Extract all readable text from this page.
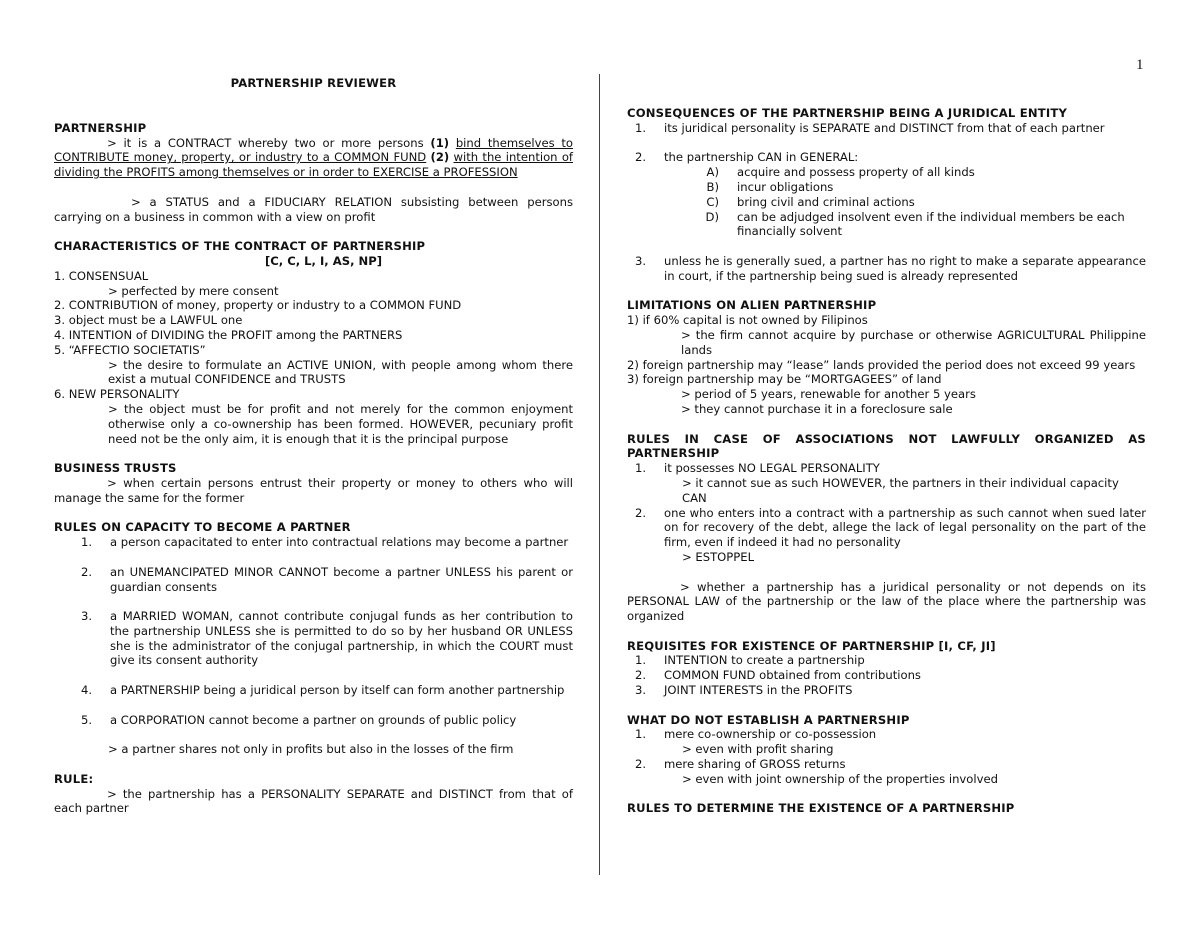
1
PARTNERSHIP REVIEWER
PARTNERSHIP

> it is a CONTRACT whereby two or more persons (1) bind themselves to CONTRIBUTE money, property, or industry to a COMMON FUND (2) with the intention of dividing the PROFITS among themselves or in order to EXERCISE a PROFESSION

> a STATUS and a FIDUCIARY RELATION subsisting between persons carrying on a business in common with a view on profit

CHARACTERISTICS OF THE CONTRACT OF PARTNERSHIP

[C, C, L, I, AS, NP]

1. CONSENSUAL

> perfected by mere consent

2. CONTRIBUTION of money, property or industry to a COMMON FUND

3. object must be a LAWFUL one

4. INTENTION of DIVIDING the PROFIT among the PARTNERS

5. “AFFECTIO SOCIETATIS”

> the desire to formulate an ACTIVE UNION, with people among whom there exist a mutual CONFIDENCE and TRUSTS

6. NEW PERSONALITY

> the object must be for profit and not merely for the common enjoyment otherwise only a co-ownership has been formed. HOWEVER, pecuniary profit need not be the only aim, it is enough that it is the principal purpose

BUSINESS TRUSTS

> when certain persons entrust their property or money to others who will manage the same for the former

RULES ON CAPACITY TO BECOME A PARTNER
1.	a person capacitated to enter into contractual relations may become a partner
2.	an UNEMANCIPATED MINOR CANNOT become a partner UNLESS his parent or guardian consents
3.	a MARRIED WOMAN, cannot contribute conjugal funds as her contribution to the partnership UNLESS she is permitted to do so by her husband OR UNLESS she is the administrator of the conjugal partnership, in which the COURT must give its consent authority
4.	a PARTNERSHIP being a juridical person by itself can form another partnership
5.	a CORPORATION cannot become a partner on grounds of public policy

> a partner shares not only in profits but also in the losses of the firm

RULE:

> the partnership has a PERSONALITY SEPARATE and DISTINCT from that of each partner

CONSEQUENCES OF THE PARTNERSHIP BEING A JURIDICAL ENTITY
1.	its juridical personality is SEPARATE and DISTINCT from that of each partner
2.	the partnership CAN in GENERAL:
A)	acquire and possess property of all kinds
B)	incur obligations
C)	bring civil and criminal actions
D)	can be adjudged insolvent even if the individual members be each financially solvent
3.	unless he is generally sued, a partner has no right to make a separate appearance in court, if the partnership being sued is already represented
LIMITATIONS ON ALIEN PARTNERSHIP

1) if 60% capital is not owned by Filipinos

> the firm cannot acquire by purchase or otherwise AGRICULTURAL Philippine lands

2) foreign partnership may “lease” lands provided the period does not exceed 99 years

3) foreign partnership may be “MORTGAGEES” of land

> period of 5 years, renewable for another 5 years

> they cannot purchase it in a foreclosure sale

RULES IN CASE OF ASSOCIATIONS NOT LAWFULLY ORGANIZED AS PARTNERSHIP
1.	it possesses NO LEGAL PERSONALITY

> it cannot sue as such HOWEVER, the partners in their individual capacity CAN

2.	one who enters into a contract with a partnership as such cannot when sued later on for recovery of the debt, allege the lack of legal personality on the part of the firm, even if indeed it had no personality

> ESTOPPEL

> whether a partnership has a juridical personality or not depends on its PERSONAL LAW of the partnership or the law of the place where the partnership was organized

REQUISITES FOR EXISTENCE OF PARTNERSHIP [I, CF, JI]
1.	INTENTION to create a partnership
2.	COMMON FUND obtained from contributions
3.	JOINT INTERESTS in the PROFITS
WHAT DO NOT ESTABLISH A PARTNERSHIP
1.	mere co-ownership or co-possession

> even with profit sharing

2.	mere sharing of GROSS returns

> even with joint ownership of the properties involved

RULES TO DETERMINE THE EXISTENCE OF A PARTNERSHIP
